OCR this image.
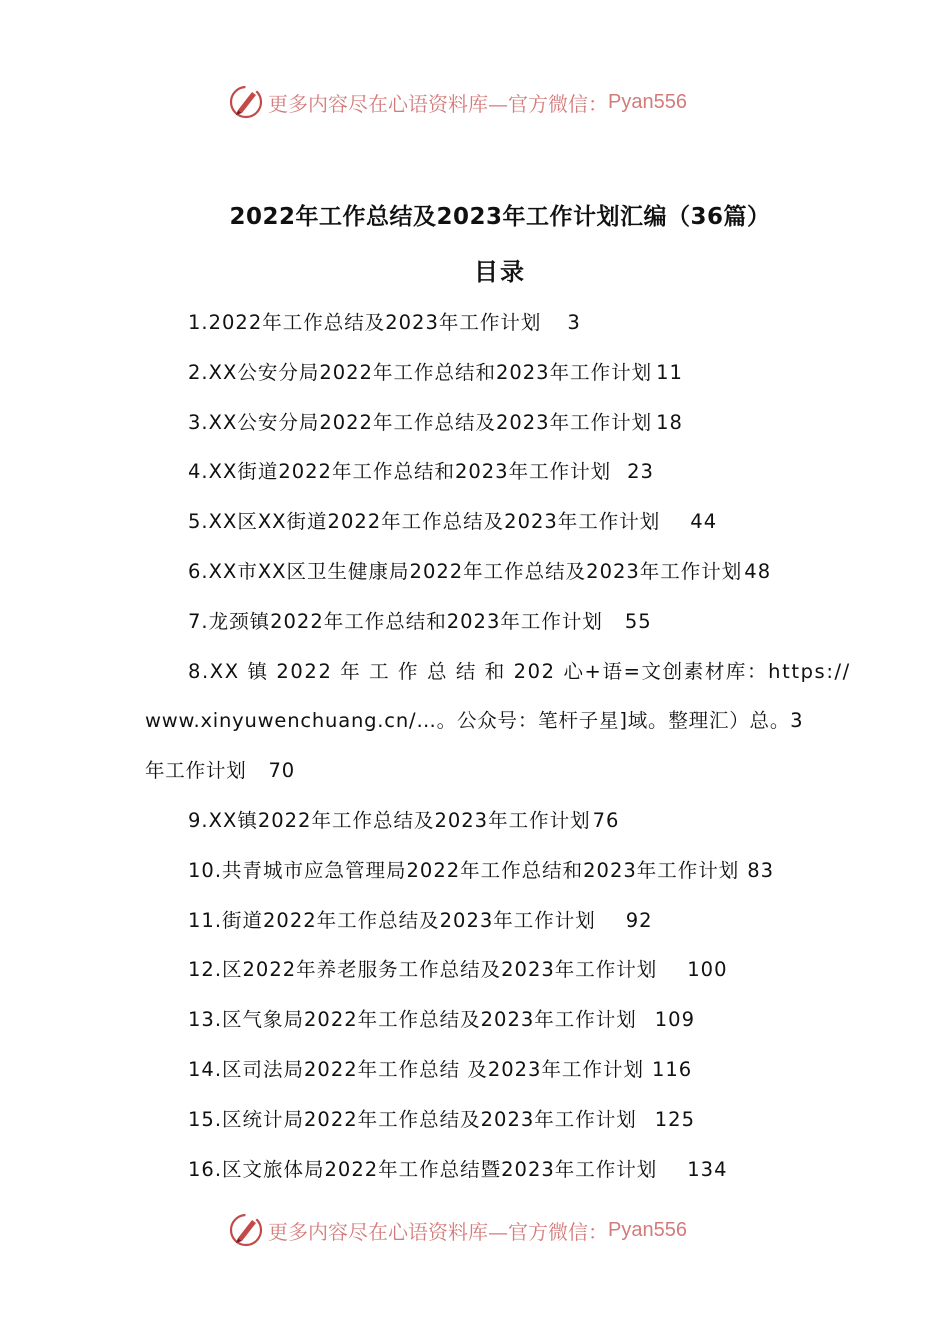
更多内容尽在心语资料库—官方微信： Pyan556
2022年工作总结及2023年工作计划汇编（36篇）
目录
1.2022年工作总结及2023年工作计划 3
2.XX公安分局2022年工作总结和2023年工作计划 11
3.XX公安分局2022年工作总结及2023年工作计划 18
4.XX街道2022年工作总结和2023年工作计划 23
5.XX区XX街道2022年工作总结及2023年工作计划 44
6.XX市XX区卫生健康局2022年工作总结及2023年工作计划 48
7.龙颈镇2022年工作总结和2023年工作计划 55
8.XX 镇 2022 年 工 作 总 结 和 202 心+语=文创素材库：https://
www.xinyuwenchuang.cn/…。公众号：笔杆子星]域。整理汇）总。3
年工作计划 70
9.XX镇2022年工作总结及2023年工作计划 76
10.共青城市应急管理局2022年工作总结和2023年工作计划 83
11.街道2022年工作总结及2023年工作计划 92
12.区2022年养老服务工作总结及2023年工作计划 100
13.区气象局2022年工作总结及2023年工作计划 109
14.区司法局2022年工作总结 及2023年工作计划 116
15.区统计局2022年工作总结及2023年工作计划 125
16.区文旅体局2022年工作总结暨2023年工作计划 134
更多内容尽在心语资料库—官方微信： Pyan556
